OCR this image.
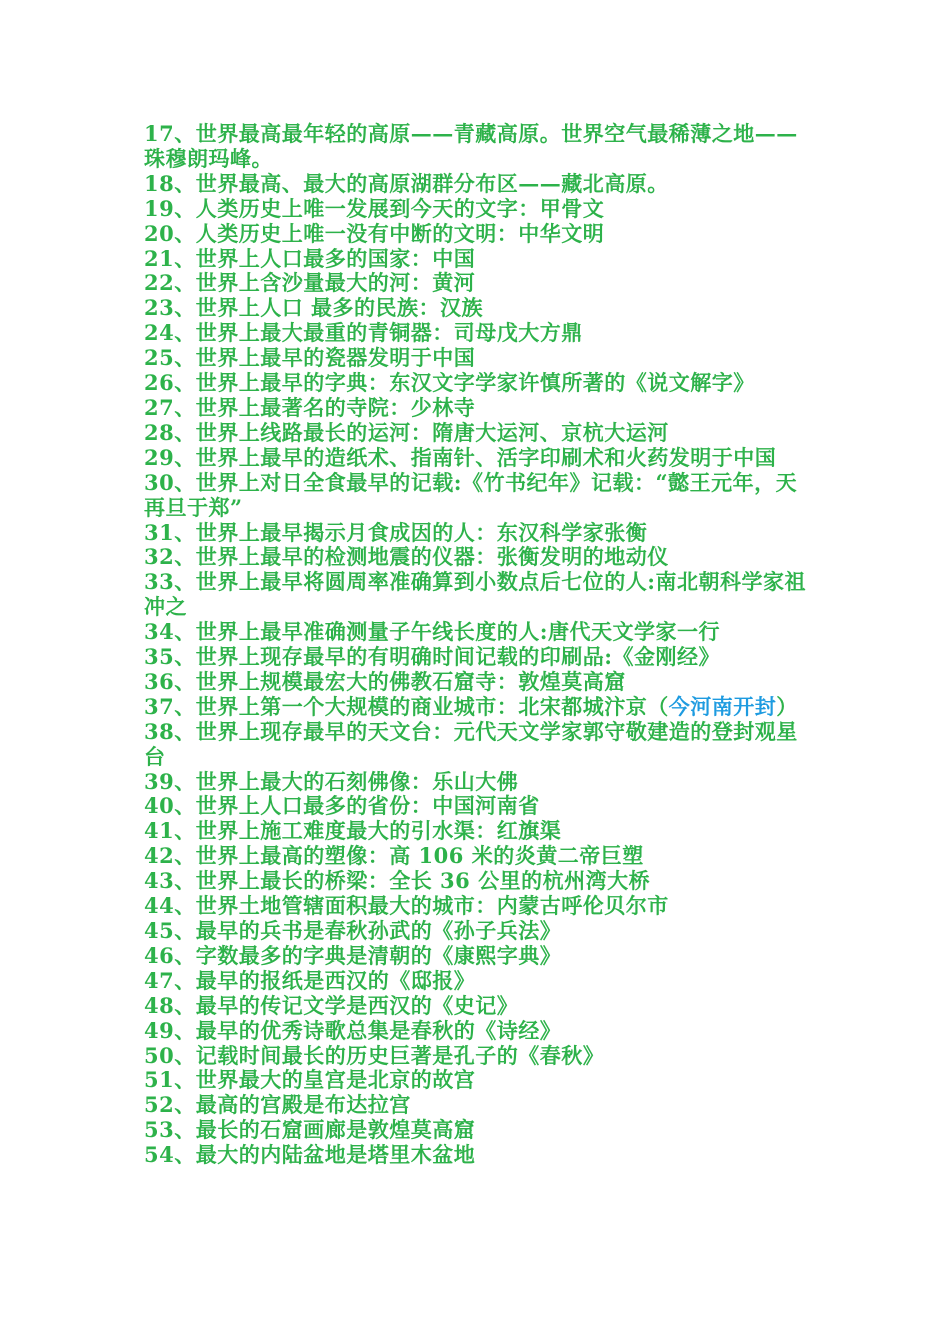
17、世界最高最年轻的高原——青藏高原。世界空气最稀薄之地——珠穆朗玛峰。
18、世界最高、最大的高原湖群分布区——藏北高原。
19、人类历史上唯一发展到今天的文字：甲骨文
20、人类历史上唯一没有中断的文明：中华文明
21、世界上人口最多的国家：中国
22、世界上含沙量最大的河：黄河
23、世界上人口 最多的民族：汉族
24、世界上最大最重的青铜器：司母戊大方鼎
25、世界上最早的瓷器发明于中国
26、世界上最早的字典：东汉文字学家许慎所著的《说文解字》
27、世界上最著名的寺院：少林寺
28、世界上线路最长的运河：隋唐大运河、京杭大运河
29、世界上最早的造纸术、指南针、活字印刷术和火药发明于中国
30、世界上对日全食最早的记载:《竹书纪年》记载：“懿王元年，天再旦于郑”
31、世界上最早揭示月食成因的人：东汉科学家张衡
32、世界上最早的检测地震的仪器：张衡发明的地动仪
33、世界上最早将圆周率准确算到小数点后七位的人:南北朝科学家祖冲之
34、世界上最早准确测量子午线长度的人:唐代天文学家一行
35、世界上现存最早的有明确时间记载的印刷品:《金刚经》
36、世界上规模最宏大的佛教石窟寺：敦煌莫高窟
37、世界上第一个大规模的商业城市：北宋都城汴京（今河南开封）
38、世界上现存最早的天文台：元代天文学家郭守敬建造的登封观星台
39、世界上最大的石刻佛像：乐山大佛
40、世界上人口最多的省份：中国河南省
41、世界上施工难度最大的引水渠：红旗渠
42、世界上最高的塑像：高 106 米的炎黄二帝巨塑
43、世界上最长的桥梁：全长 36 公里的杭州湾大桥
44、世界土地管辖面积最大的城市：内蒙古呼伦贝尔市
45、最早的兵书是春秋孙武的《孙子兵法》
46、字数最多的字典是清朝的《康熙字典》
47、最早的报纸是西汉的《邸报》
48、最早的传记文学是西汉的《史记》
49、最早的优秀诗歌总集是春秋的《诗经》
50、记载时间最长的历史巨著是孔子的《春秋》
51、世界最大的皇宫是北京的故宫
52、最高的宫殿是布达拉宫
53、最长的石窟画廊是敦煌莫高窟
54、最大的内陆盆地是塔里木盆地
